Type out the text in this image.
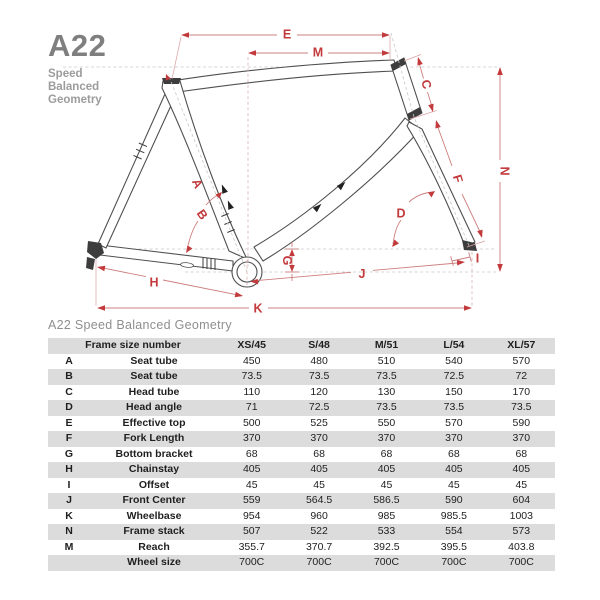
A22
Speed
Balanced
Geometry
E
M
C
F
N
D
G
A
B
H
K
J
I

A22 Speed Balanced Geometry

Frame size number		XS/45	S/48	M/51	L/54	XL/57
A	Seat tube	450	480	510	540	570
B	Seat tube	73.5	73.5	73.5	72.5	72
C	Head tube	110	120	130	150	170
D	Head angle	71	72.5	73.5	73.5	73.5
E	Effective top	500	525	550	570	590
F	Fork Length	370	370	370	370	370
G	Bottom bracket	68	68	68	68	68
H	Chainstay	405	405	405	405	405
I	Offset	45	45	45	45	45
J	Front Center	559	564.5	586.5	590	604
K	Wheelbase	954	960	985	985.5	1003
N	Frame stack	507	522	533	554	573
M	Reach	355.7	370.7	392.5	395.5	403.8
	Wheel size	700C	700C	700C	700C	700C
